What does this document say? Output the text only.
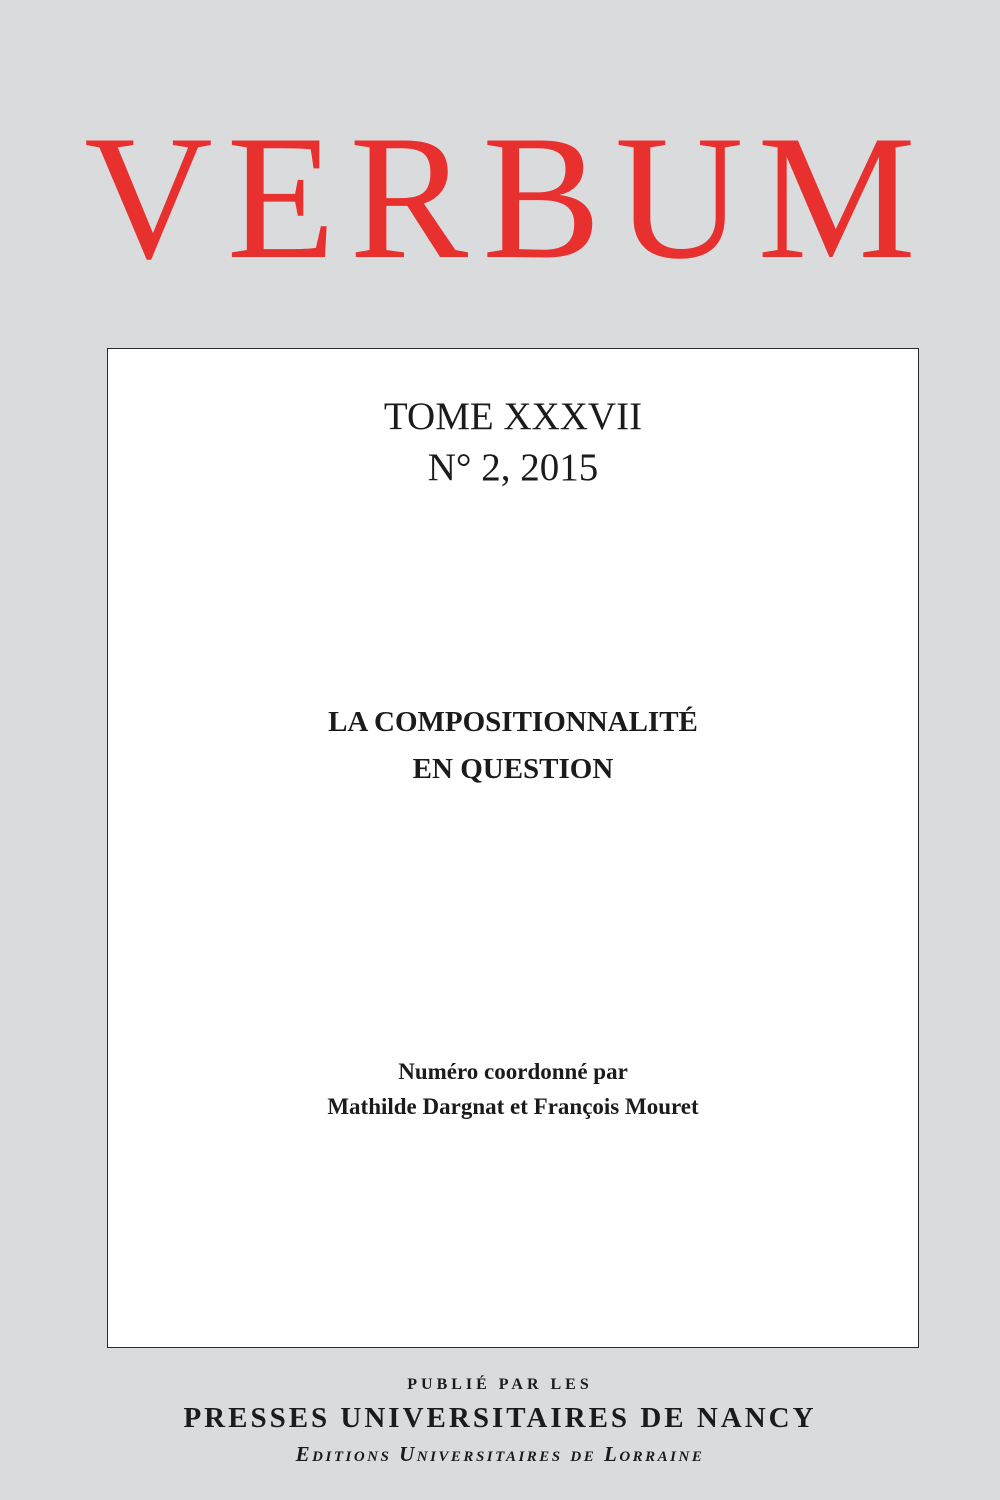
VERBUM
TOME XXXVII
N° 2, 2015
LA COMPOSITIONNALITÉ
EN QUESTION
Numéro coordonné par
Mathilde Dargnat et François Mouret
PUBLIÉ PAR LES
PRESSES UNIVERSITAIRES DE NANCY
Editions Universitaires de Lorraine
